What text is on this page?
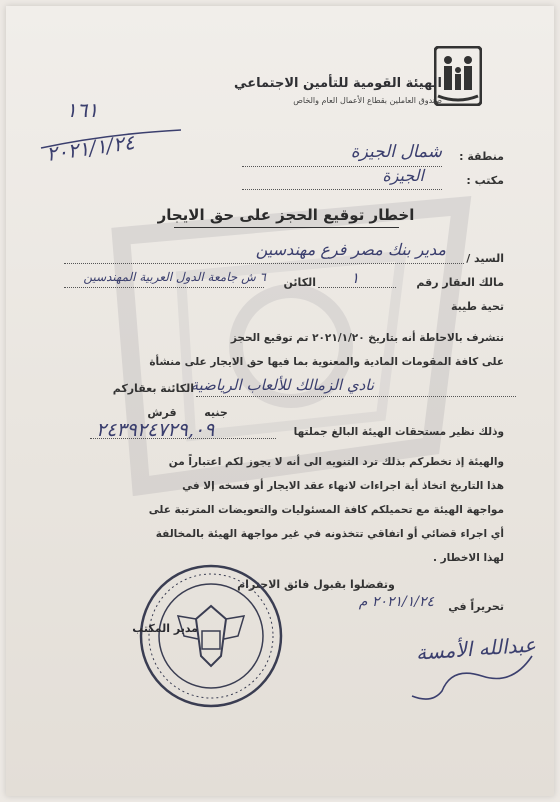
الهيئة القومية للتأمين الاجتماعي
صندوق العاملين بقطاع الأعمال العام والخاص
١٦١
٢٠٢١/١/٢٤	منطقة :
شمال الجيزة
مكتب :
الجيزة
اخطار توقيع الحجز على حق الايجار
السيد /
مدير بنك مصر فرع مهندسين
مالك العقار رقم
١
الكائن
٦ ش جامعة الدول العربية المهندسين
تحية طيبة
نتشرف بالاحاطة أنه بتاريخ ٢٠٢١/١/٢٠ تم توقيع الحجز
على كافة المقومات المادية والمعنوية بما فيها حق الايجار على منشأة
نادي الزمالك للألعاب الرياضية
الكائنة بعقاركم
جنيه
قرش
وذلك نظير مستحقات الهيئة البالغ جملتها
٢٤٣٩٢٤٧٢٩,٠٩
والهيئة إذ تخطركم بذلك ترد التنويه الى أنه لا يجوز لكم اعتباراً من
هذا التاريخ اتخاذ أية اجراءات لانهاء عقد الايجار أو فسخه إلا في
مواجهة الهيئة مع تحميلكم كافة المسئوليات والتعويضات المترتبة على
أي اجراء قضائي أو اتفاقي تتخذونه في غير مواجهة الهيئة بالمخالفة
لهذا الاخطار .
وتفضلوا بقبول فائق الاحترام
تحريراً في
٢٠٢١/١/٢٤ م
مدير المكتب
عبدالله الأمسة
